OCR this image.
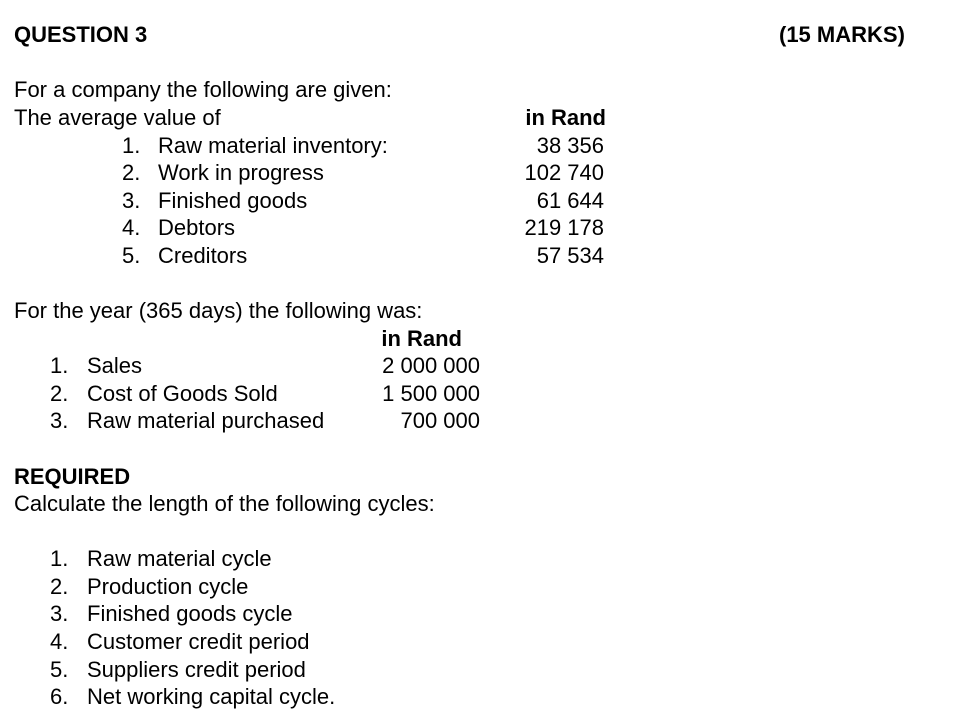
QUESTION 3	(15 MARKS)
For a company the following are given:
The average value of	in Rand
1. Raw material inventory:	38 356
2. Work in progress	102 740
3. Finished goods	61 644
4. Debtors	219 178
5. Creditors	57 534
For the year (365 days) the following was:
in Rand
1. Sales	2 000 000
2. Cost of Goods Sold	1 500 000
3. Raw material purchased	700 000
REQUIRED
Calculate the length of the following cycles:
1. Raw material cycle
2. Production cycle
3. Finished goods cycle
4. Customer credit period
5. Suppliers credit period
6. Net working capital cycle.
